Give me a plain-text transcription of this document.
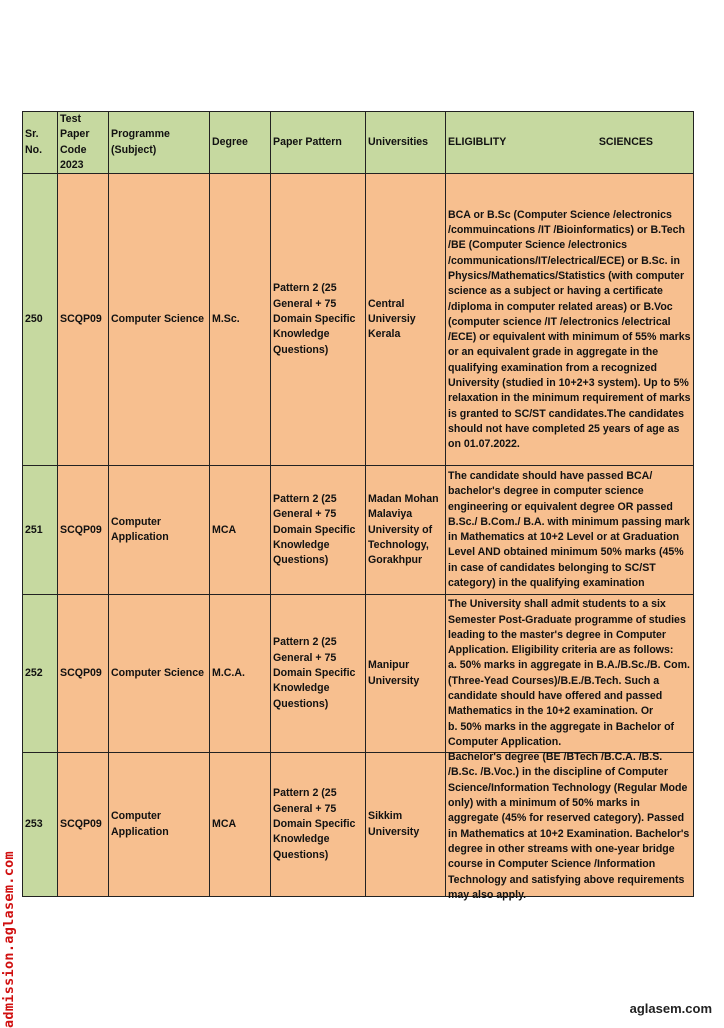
Sr. No.	Test Paper Code 2023	Programme (Subject)	Degree	Paper Pattern	Universities	ELIGIBLITY SCIENCES

250	SCQP09	Computer Science	M.Sc.	Pattern 2 (25 General + 75 Domain Specific Knowledge Questions)	Central Universiy Kerala	BCA or B.Sc (Computer Science /electronics /commuincations /IT /Bioinformatics) or B.Tech /BE (Computer Science /electronics /communications/IT/electrical/ECE) or B.Sc. in Physics/Mathematics/Statistics (with computer science as a subject or having a certificate /diploma in computer related areas) or B.Voc (computer science /IT /electronics /electrical /ECE) or equivalent with minimum of 55% marks or an equivalent grade in aggregate in the qualifying examination from a recognized University (studied in 10+2+3 system). Up to 5% relaxation in the minimum requirement of marks is granted to SC/ST candidates.The candidates should not have completed 25 years of age as on 01.07.2022.

251	SCQP09	Computer Application	MCA	Pattern 2 (25 General + 75 Domain Specific Knowledge Questions)	Madan Mohan Malaviya University of Technology, Gorakhpur	The candidate should have passed BCA/ bachelor's degree in computer science engineering or equivalent degree OR passed B.Sc./ B.Com./ B.A. with minimum passing mark in Mathematics at 10+2 Level or at Graduation Level AND obtained minimum 50% marks (45% in case of candidates belonging to SC/ST category) in the qualifying examination

252	SCQP09	Computer Science	M.C.A.	Pattern 2 (25 General + 75 Domain Specific Knowledge Questions)	Manipur University	The University shall admit students to a six Semester Post-Graduate programme of studies leading to the master's degree in Computer Application. Eligibility criteria are as follows:
a. 50% marks in aggregate in B.A./B.Sc./B. Com. (Three-Yead Courses)/B.E./B.Tech. Such a candidate should have offered and passed Mathematics in the 10+2 examination. Or
b. 50% marks in the aggregate in Bachelor of Computer Application.

253	SCQP09	Computer Application	MCA	Pattern 2 (25 General + 75 Domain Specific Knowledge Questions)	Sikkim University	Bachelor's degree (BE /BTech /B.C.A. /B.S. /B.Sc. /B.Voc.) in the discipline of Computer Science/Information Technology (Regular Mode only) with a minimum of 50% marks in aggregate (45% for reserved category). Passed in Mathematics at 10+2 Examination. Bachelor's degree in other streams with one-year bridge course in Computer Science /Information Technology and satisfying above requirements may also apply.
admission.aglasem.com	aglasem.com
